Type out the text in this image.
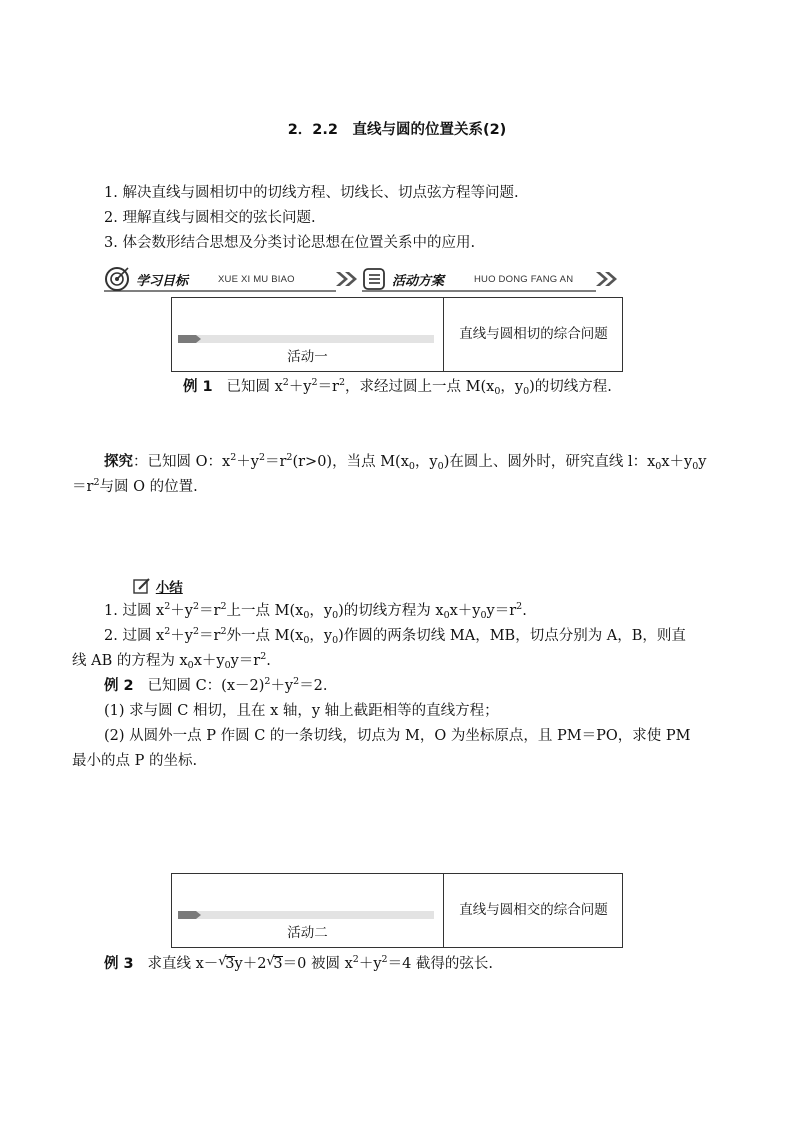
2．2.2　直线与圆的位置关系(2)
1. 解决直线与圆相切中的切线方程、切线长、切点弦方程等问题.
2. 理解直线与圆相交的弦长问题.
3. 体会数形结合思想及分类讨论思想在位置关系中的应用.
学习目标	XUE XI MU BIAO	活动方案	HUO DONG FANG AN
活动一
直线与圆相切的综合问题
例 1 已知圆 $x^2+y^2=r^2$，求经过圆上一点 $M(x_0$，$y_0$)的切线方程.
探究：已知圆 O：$x^2+y^2=r^2(r>0)$，当点 $M(x_0$，$y_0$)在圆上、圆外时，研究直线 l：$x_0x+y_0y$
$=r^2$与圆 O 的位置.
小结
1. 过圆 $x^2+y^2=r^2$上一点 $M(x_0$，$y_0$)的切线方程为 $x_0x+y_0y=r^2$.
2. 过圆 $x^2+y^2=r^2$外一点 $M(x_0$，$y_0$)作圆的两条切线 MA，MB，切点分别为 A，B，则直
线 AB 的方程为 $x_0x+y_0y=r^2$.
例 2 已知圆 C：$(x-2)^2+y^2=2$.
(1) 求与圆 C 相切，且在 x 轴，y 轴上截距相等的直线方程；
(2) 从圆外一点 P 作圆 C 的一条切线，切点为 M，O 为坐标原点，且 PM＝PO，求使 PM
最小的点 P 的坐标.
活动二
直线与圆相交的综合问题
例 3 求直线 x－ √
3y＋2 √
3＝0 被圆 $x^2+y^2=4$ 截得的弦长.
